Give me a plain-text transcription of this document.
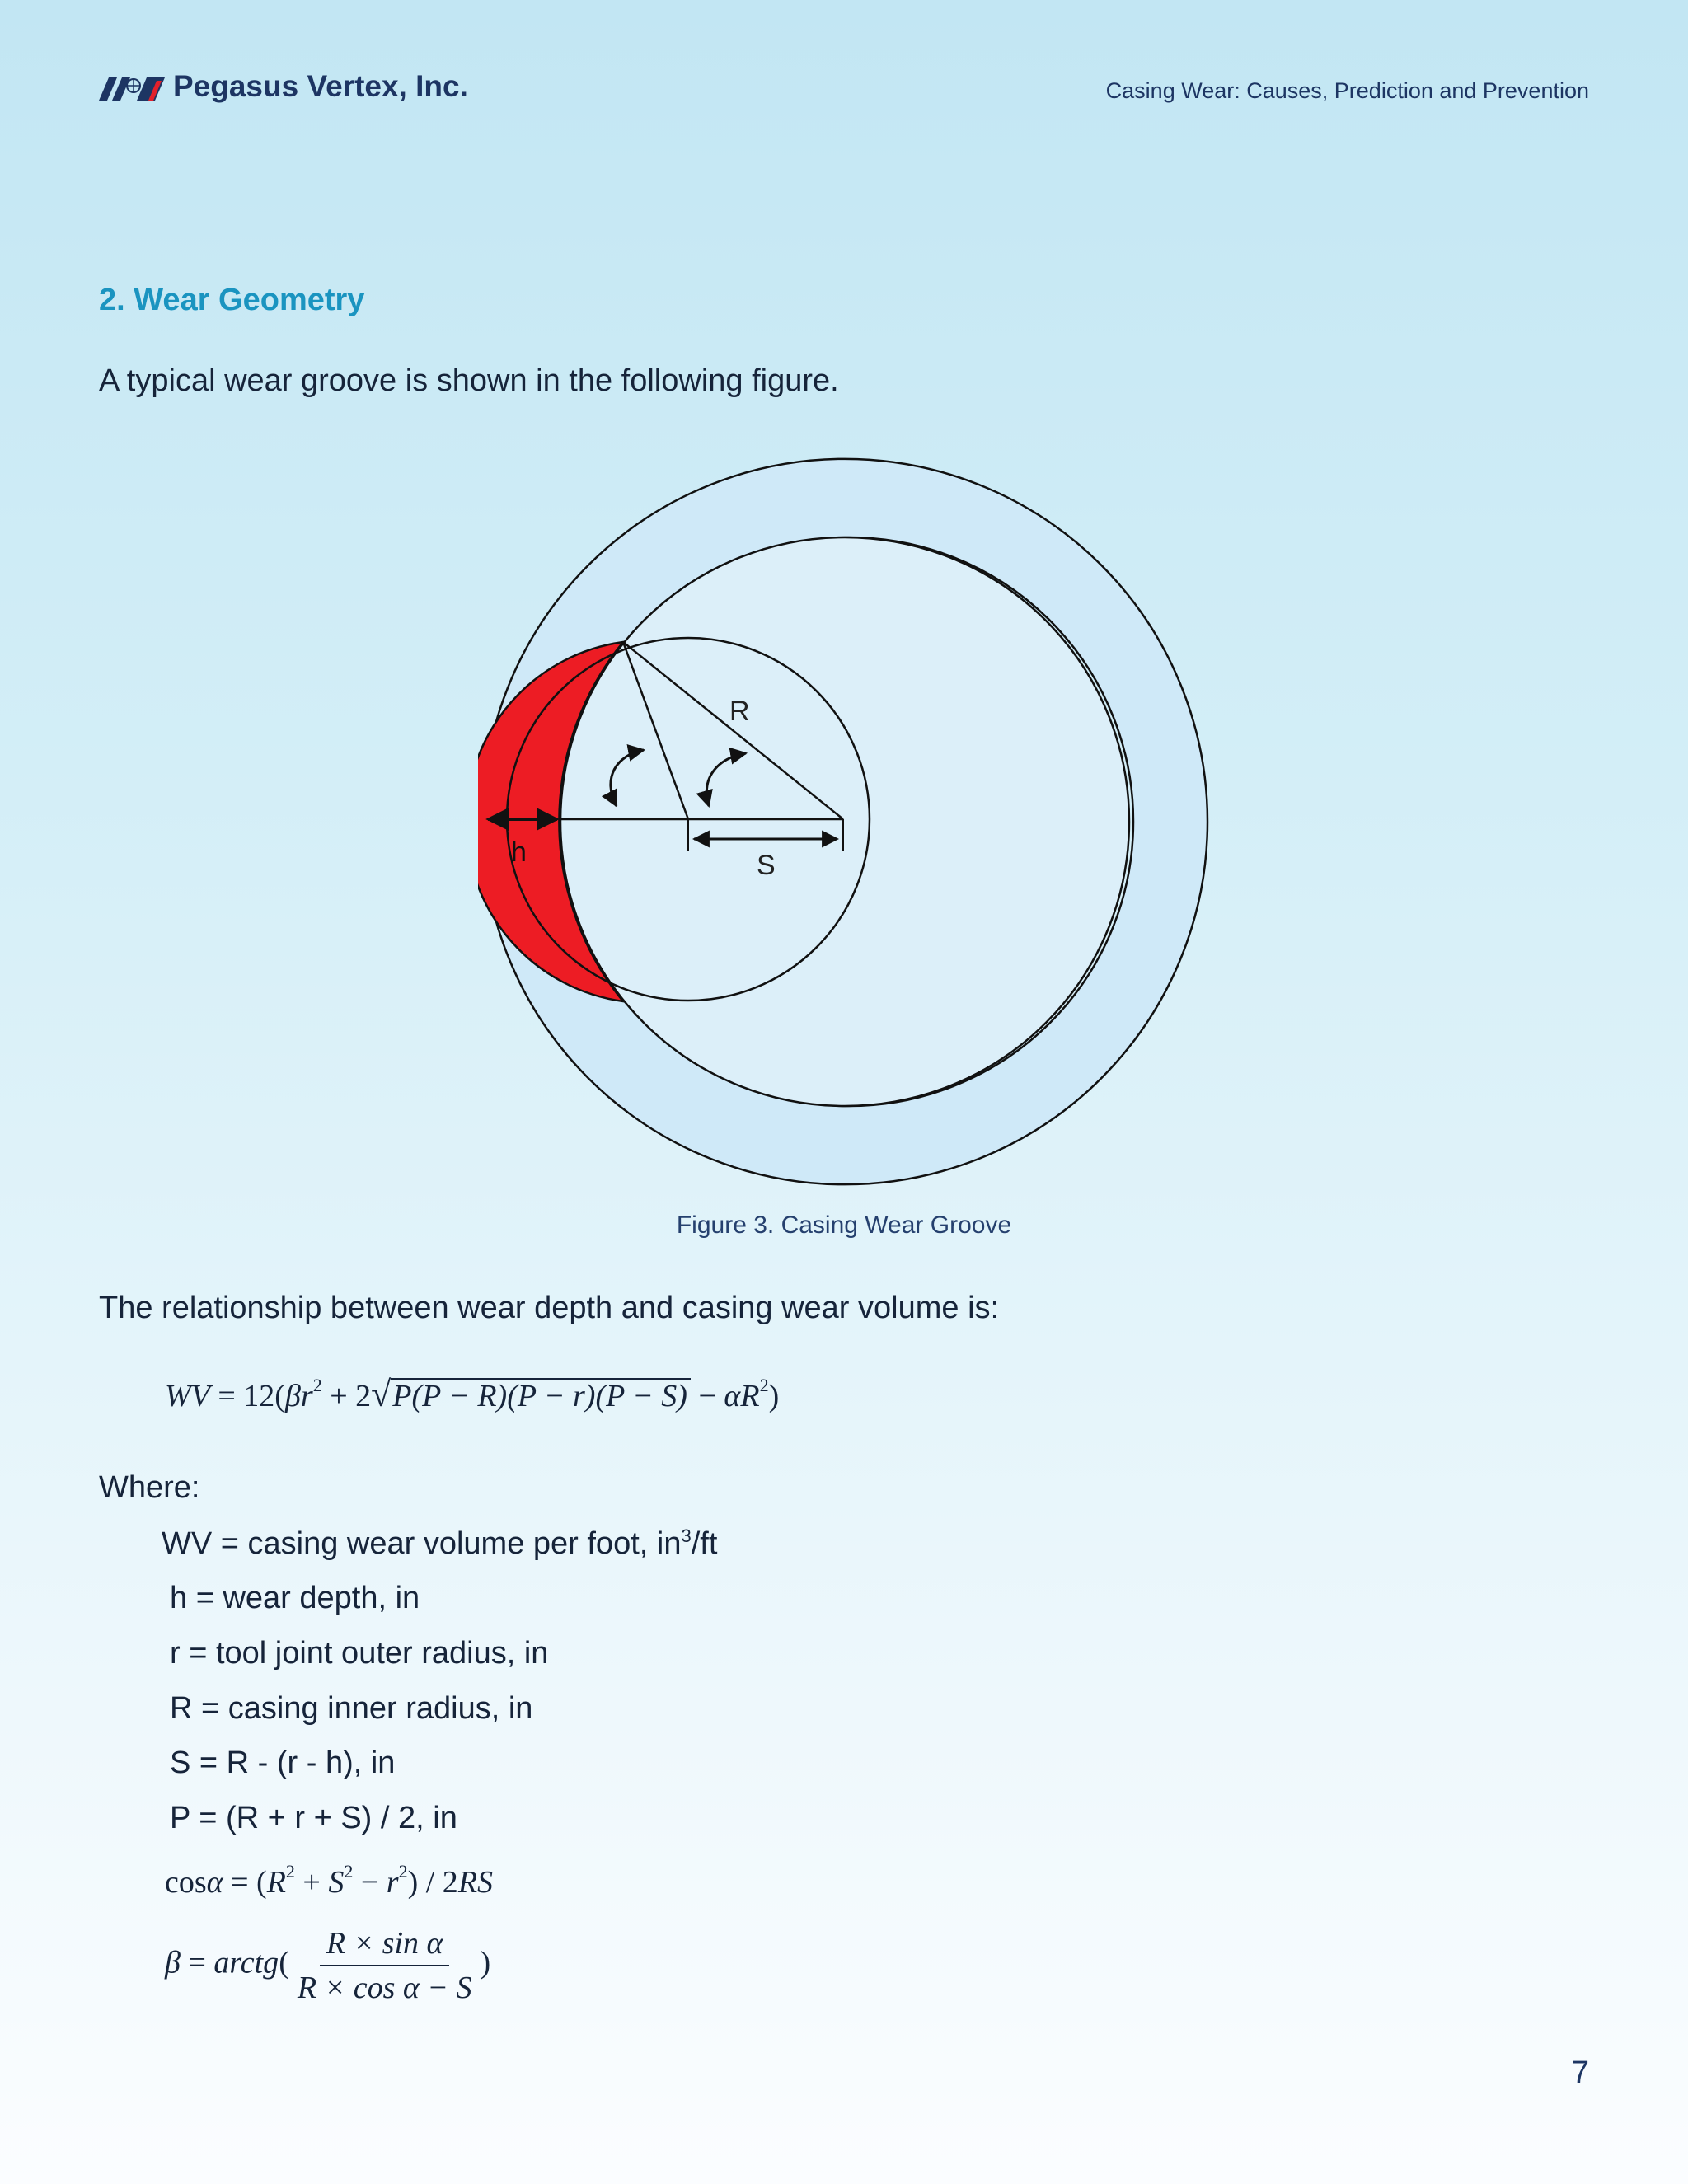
Pegasus Vertex, Inc.	Casing Wear: Causes, Prediction and Prevention
2. Wear Geometry
A typical wear groove is shown in the following figure.
R
h	S
Figure 3. Casing Wear Groove
The relationship between wear depth and casing wear volume is:
WV = $12(\beta r^2 + 2√P(P - R)(P - r)(P - S) - \alpha R^2)$
Where:
WV = casing wear volume per foot, $in^3/ft$
h = wear depth, in
r = tool joint outer radius, in
R = casing inner radius, in
S = R - (r - h), in
P = (R + r + S) / 2, in
$\cos\alpha = (R^2 + S^2 - r^2) / 2RS$
β = arctg( $\frac{\text{R × sin α}}{\text{R × cos α − S}}$ )
7
